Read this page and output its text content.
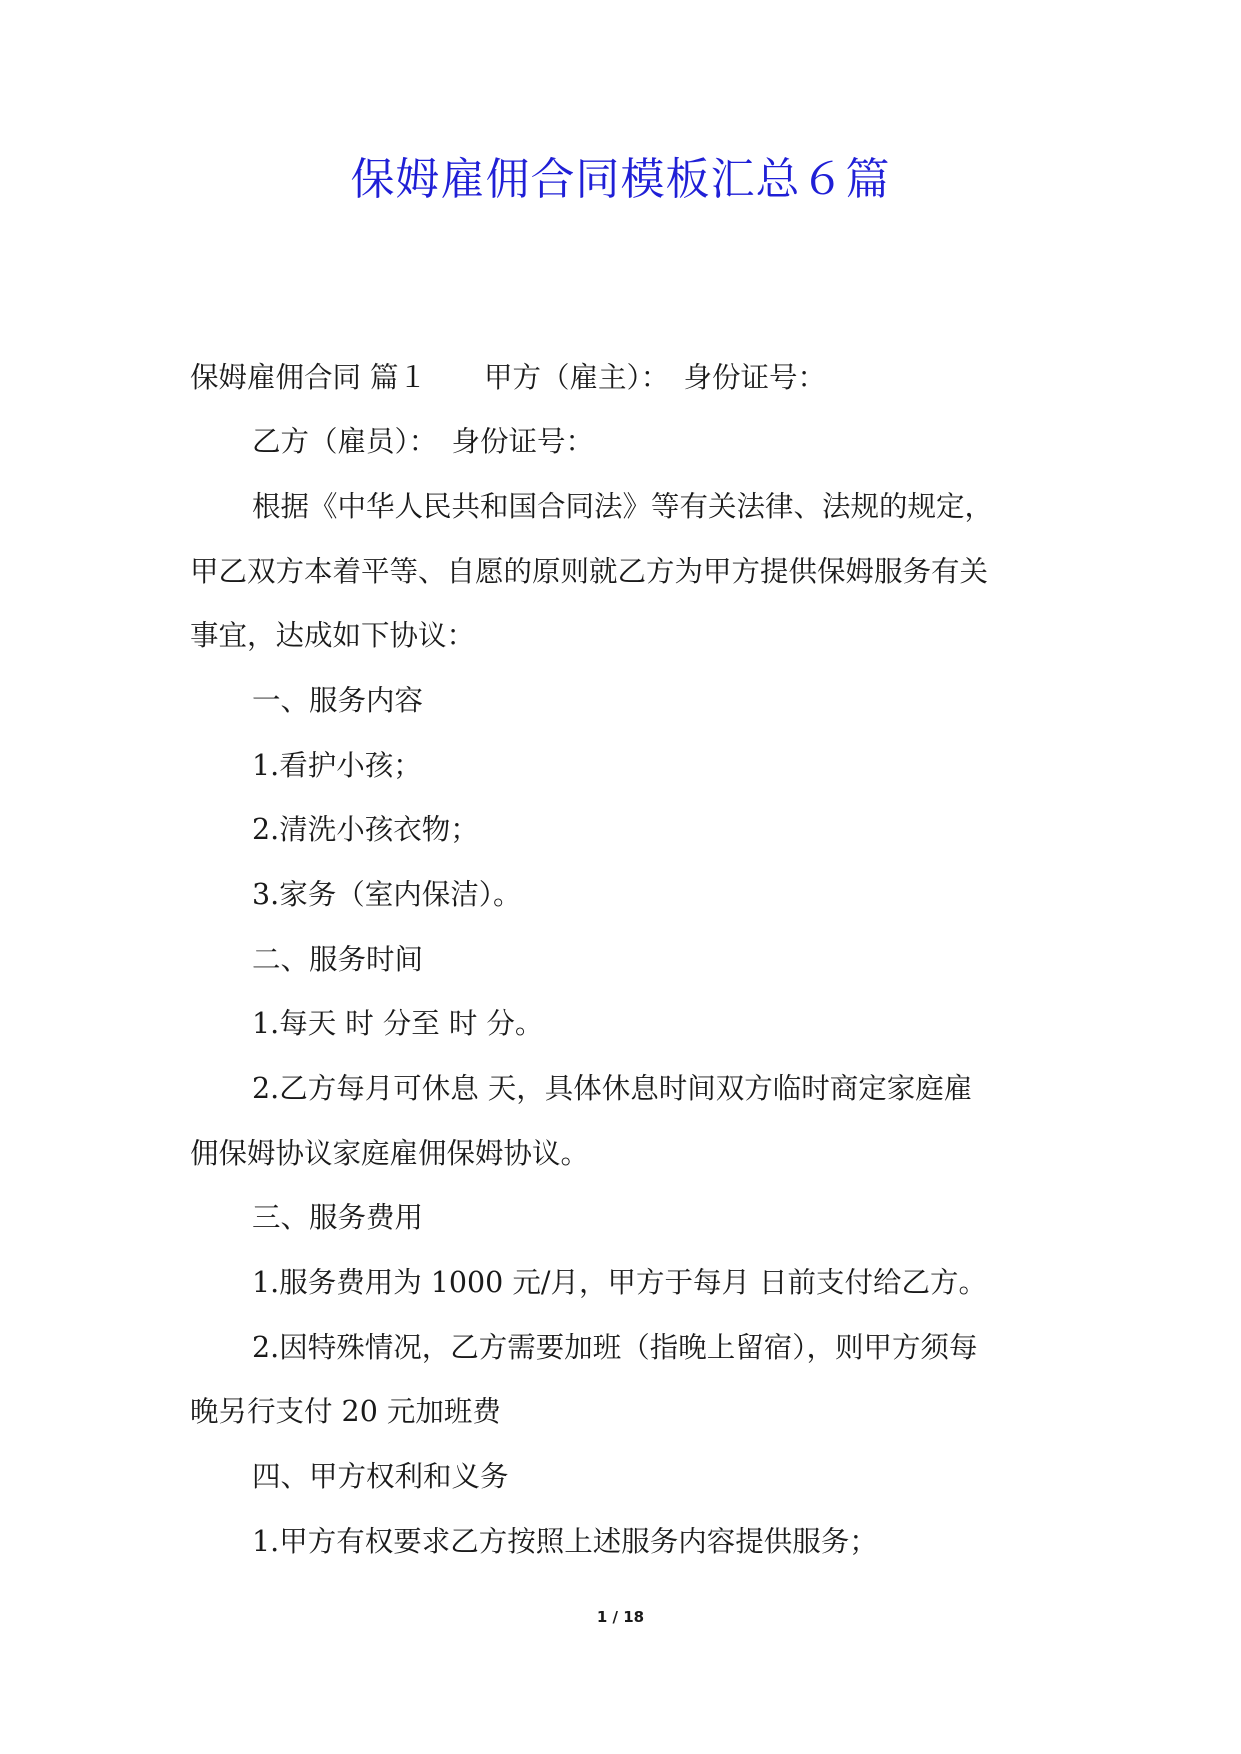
保姆雇佣合同模板汇总６篇
保姆雇佣合同 篇１　　甲方（雇主）：　身份证号：
乙方（雇员）：　身份证号：
根据《中华人民共和国合同法》等有关法律、法规的规定，
甲乙双方本着平等、自愿的原则就乙方为甲方提供保姆服务有关
事宜，达成如下协议：
一、服务内容
1.看护小孩；
2.清洗小孩衣物；
3.家务（室内保洁）。
二、服务时间
1.每天 时 分至 时 分。
2.乙方每月可休息 天，具体休息时间双方临时商定家庭雇
佣保姆协议家庭雇佣保姆协议。
三、服务费用
1.服务费用为 1000 元/月，甲方于每月 日前支付给乙方。
2.因特殊情况，乙方需要加班（指晚上留宿），则甲方须每
晚另行支付 20 元加班费
四、甲方权利和义务
1.甲方有权要求乙方按照上述服务内容提供服务；
1 / 18
